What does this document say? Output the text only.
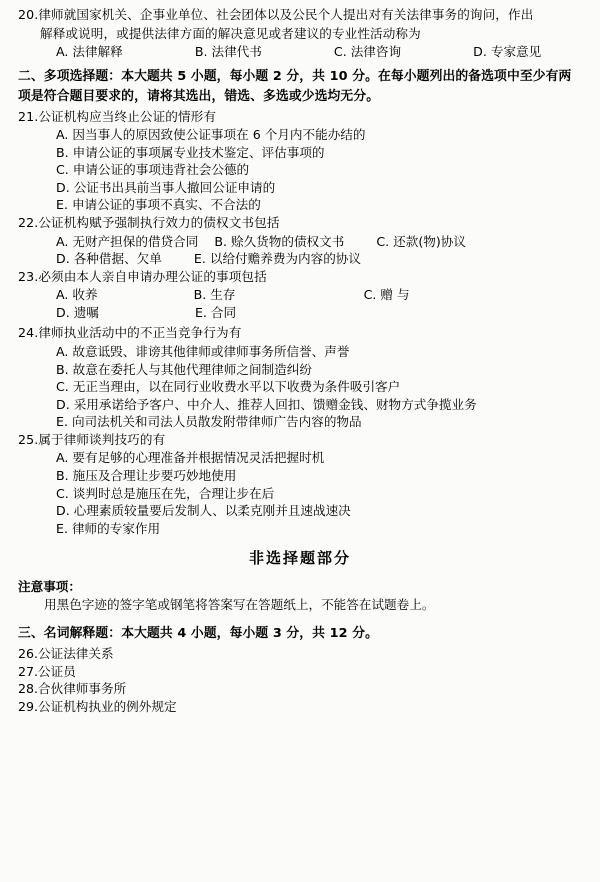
20.律师就国家机关、企事业单位、社会团体以及公民个人提出对有关法律事务的询问，作出
解释或说明，或提供法律方面的解决意见或者建议的专业性活动称为
A. 法律解释                  B. 法律代书                  C. 法律咨询                  D. 专家意见
二、多项选择题：本大题共 5 小题，每小题 2 分，共 10 分。在每小题列出的备选项中至少有两
项是符合题目要求的，请将其选出，错选、多选或少选均无分。
21.公证机构应当终止公证的情形有
A. 因当事人的原因致使公证事项在 6 个月内不能办结的
B. 申请公证的事项属专业技术鉴定、评估事项的
C. 申请公证的事项违背社会公德的
D. 公证书出具前当事人撤回公证申请的
E. 申请公证的事项不真实、不合法的
22.公证机构赋予强制执行效力的债权文书包括
A. 无财产担保的借贷合同    B. 赊久货物的债权文书        C. 还款(物)协议
D. 各种借据、欠单        E. 以给付赡养费为内容的协议
23.必须由本人亲自申请办理公证的事项包括
A. 收养                        B. 生存                                C. 赠 与
D. 遗嘱                        E. 合同
24.律师执业活动中的不正当竞争行为有
A. 故意诋毁、诽谤其他律师或律师事务所信誉、声誉
B. 故意在委托人与其他代理律师之间制造纠纷
C. 无正当理由，以在同行业收费水平以下收费为条件吸引客户
D. 采用承诺给予客户、中介人、推荐人回扣、馈赠金钱、财物方式争揽业务
E. 向司法机关和司法人员散发附带律师广告内容的物品
25.属于律师谈判技巧的有
A. 要有足够的心理准备并根据情况灵活把握时机
B. 施压及合理让步要巧妙地使用
C. 谈判时总是施压在先，合理让步在后
D. 心理素质较量要后发制人、以柔克刚并且速战速决
E. 律师的专家作用
非选择题部分
注意事项：
用黑色字迹的签字笔或钢笔将答案写在答题纸上，不能答在试题卷上。
三、名词解释题：本大题共 4 小题，每小题 3 分，共 12 分。
26.公证法律关系
27.公证员
28.合伙律师事务所
29.公证机构执业的例外规定
